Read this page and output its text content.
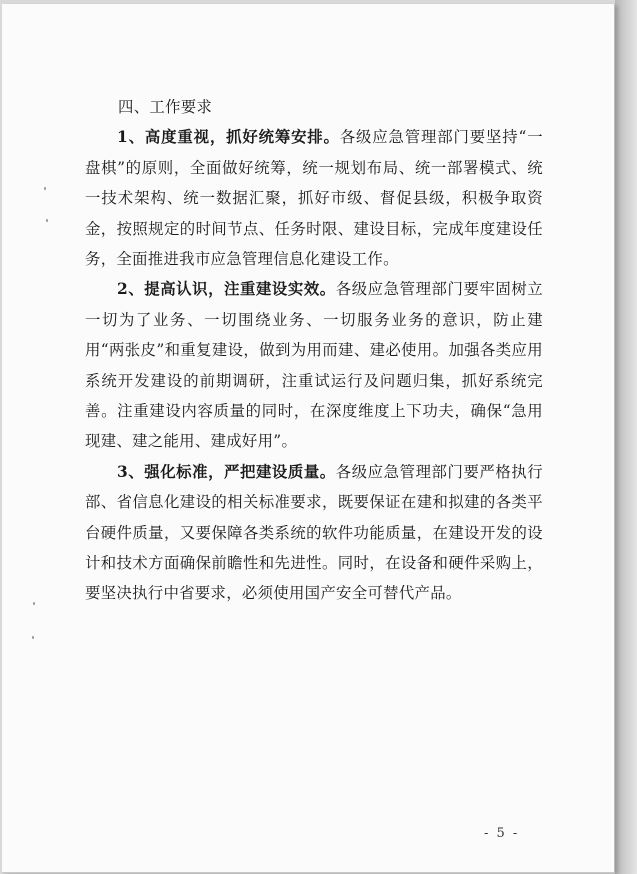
四、工作要求

1、高度重视，抓好统筹安排。各级应急管理部门要坚持“一盘棋”的原则，全面做好统筹，统一规划布局、统一部署模式、统一技术架构、统一数据汇聚，抓好市级、督促县级，积极争取资金，按照规定的时间节点、任务时限、建设目标，完成年度建设任务，全面推进我市应急管理信息化建设工作。

2、提高认识，注重建设实效。各级应急管理部门要牢固树立一切为了业务、一切围绕业务、一切服务业务的意识，防止建用“两张皮”和重复建设，做到为用而建、建必使用。加强各类应用系统开发建设的前期调研，注重试运行及问题归集，抓好系统完善。注重建设内容质量的同时，在深度维度上下功夫，确保“急用现建、建之能用、建成好用”。

3、强化标准，严把建设质量。各级应急管理部门要严格执行部、省信息化建设的相关标准要求，既要保证在建和拟建的各类平台硬件质量，又要保障各类系统的软件功能质量，在建设开发的设计和技术方面确保前瞻性和先进性。同时，在设备和硬件采购上，要坚决执行中省要求，必须使用国产安全可替代产品。

- 5 -
